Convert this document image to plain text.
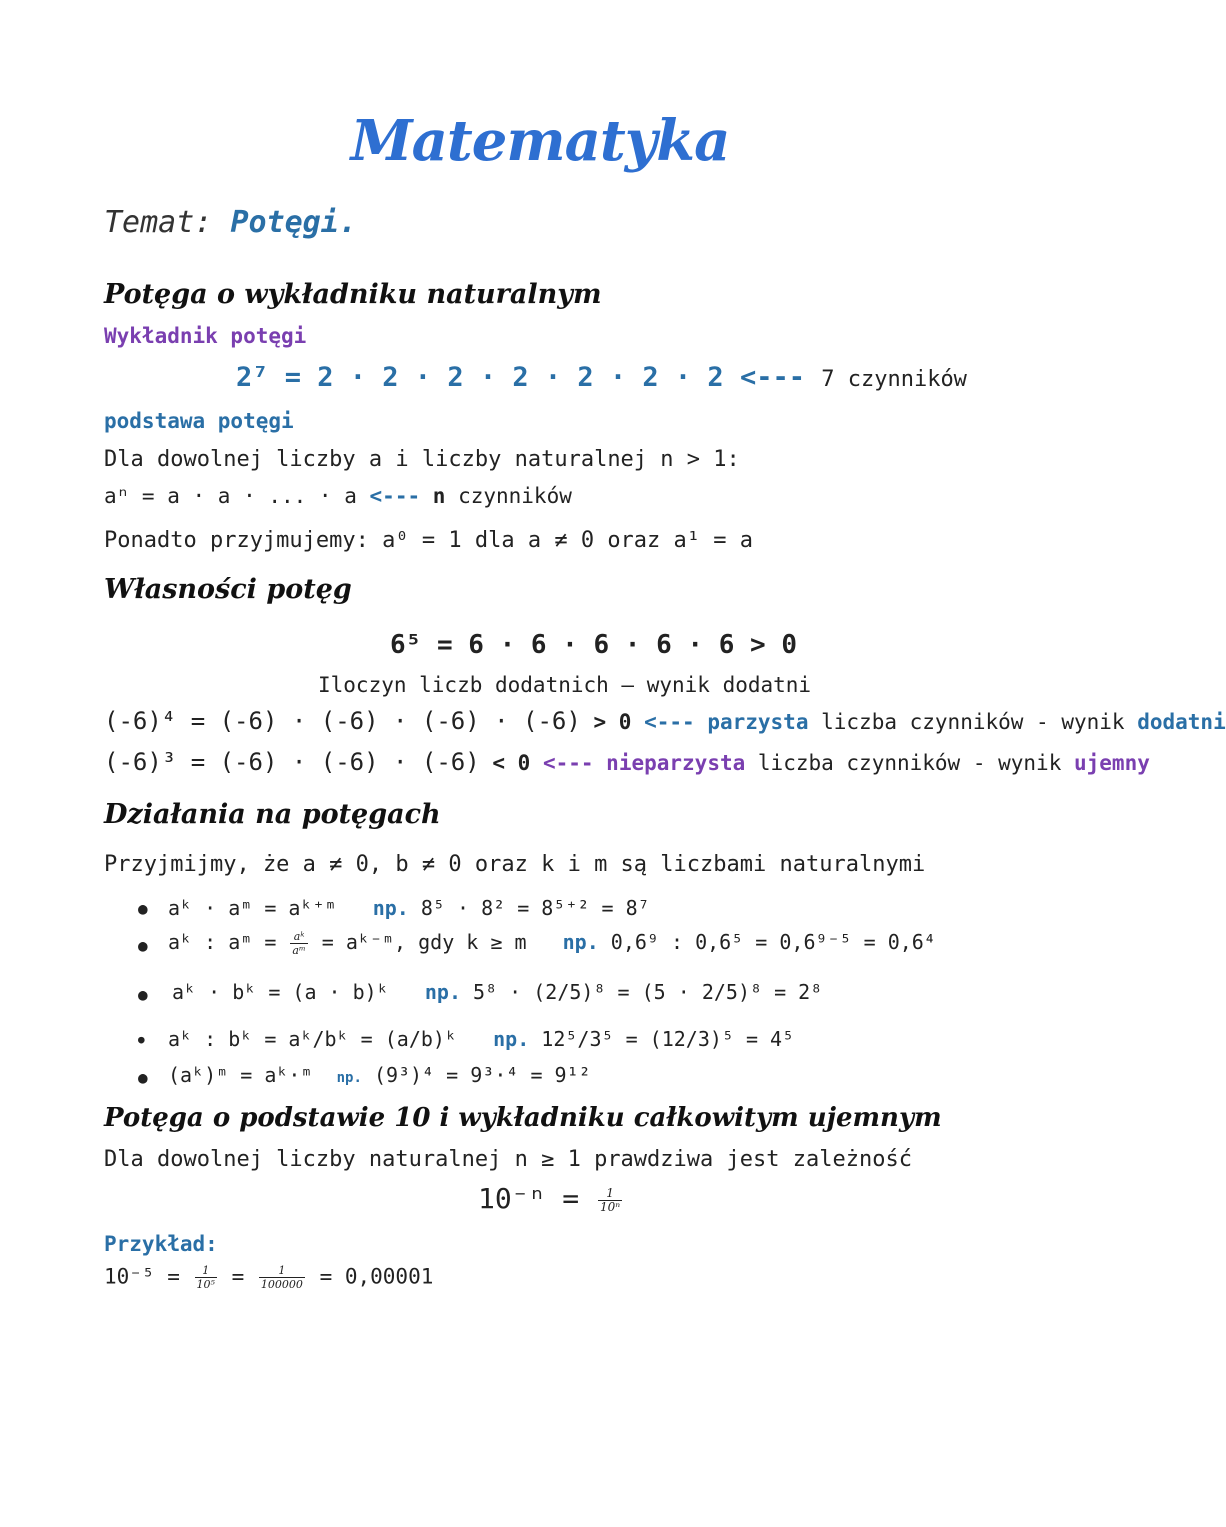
Matematyka
Temat: Potęgi.
Potęga o wykładniku naturalnym
Wykładnik potęgi
2⁷ = 2 · 2 · 2 · 2 · 2 · 2 · 2 <--- 7 czynników
podstawa potęgi
Dla dowolnej liczby a i liczby naturalnej n > 1:
aⁿ = a · a · ... · a <--- n czynników
Ponadto przyjmujemy: a⁰ = 1 dla a ≠ 0 oraz a¹ = a
Własności potęg
6⁵ = 6 · 6 · 6 · 6 · 6 > 0
Iloczyn liczb dodatnich – wynik dodatni
(-6)⁴ = (-6) · (-6) · (-6) · (-6) > 0 <--- parzysta liczba czynników - wynik dodatni
(-6)³ = (-6) · (-6) · (-6) < 0 <--- nieparzysta liczba czynników - wynik ujemny
Działania na potęgach
Przyjmijmy, że a ≠ 0, b ≠ 0 oraz k i m są liczbami naturalnymi
● aᵏ · aᵐ = aᵏ⁺ᵐ np. 8⁵ · 8² = 8⁵⁺² = 8⁷
● aᵏ : aᵐ = $\frac{\text{aᵏ}}{\text{aᵐ}}$ = aᵏ⁻ᵐ, gdy k ≥ m np. 0,6⁹ : 0,6⁵ = 0,6⁹⁻⁵ = 0,6⁴
● aᵏ · bᵏ = (a · b)ᵏ np. 5⁸ · (2/5)⁸ = (5 · 2/5)⁸ = 2⁸
● aᵏ : bᵏ = aᵏ/bᵏ = (a/b)ᵏ np. 12⁵/3⁵ = (12/3)⁵ = 4⁵
● (aᵏ)ᵐ = aᵏ·ᵐ np. (9³)⁴ = 9³·⁴ = 9¹²
Potęga o podstawie 10 i wykładniku całkowitym ujemnym
Dla dowolnej liczby naturalnej n ≥ 1 prawdziwa jest zależność
$10^{-n} = \frac{1}{\text{10ⁿ}}$
Przykład:
$10^{-5} = \frac{1}{\text{10⁵}} = \frac{1}{100000} = 0,00001$
